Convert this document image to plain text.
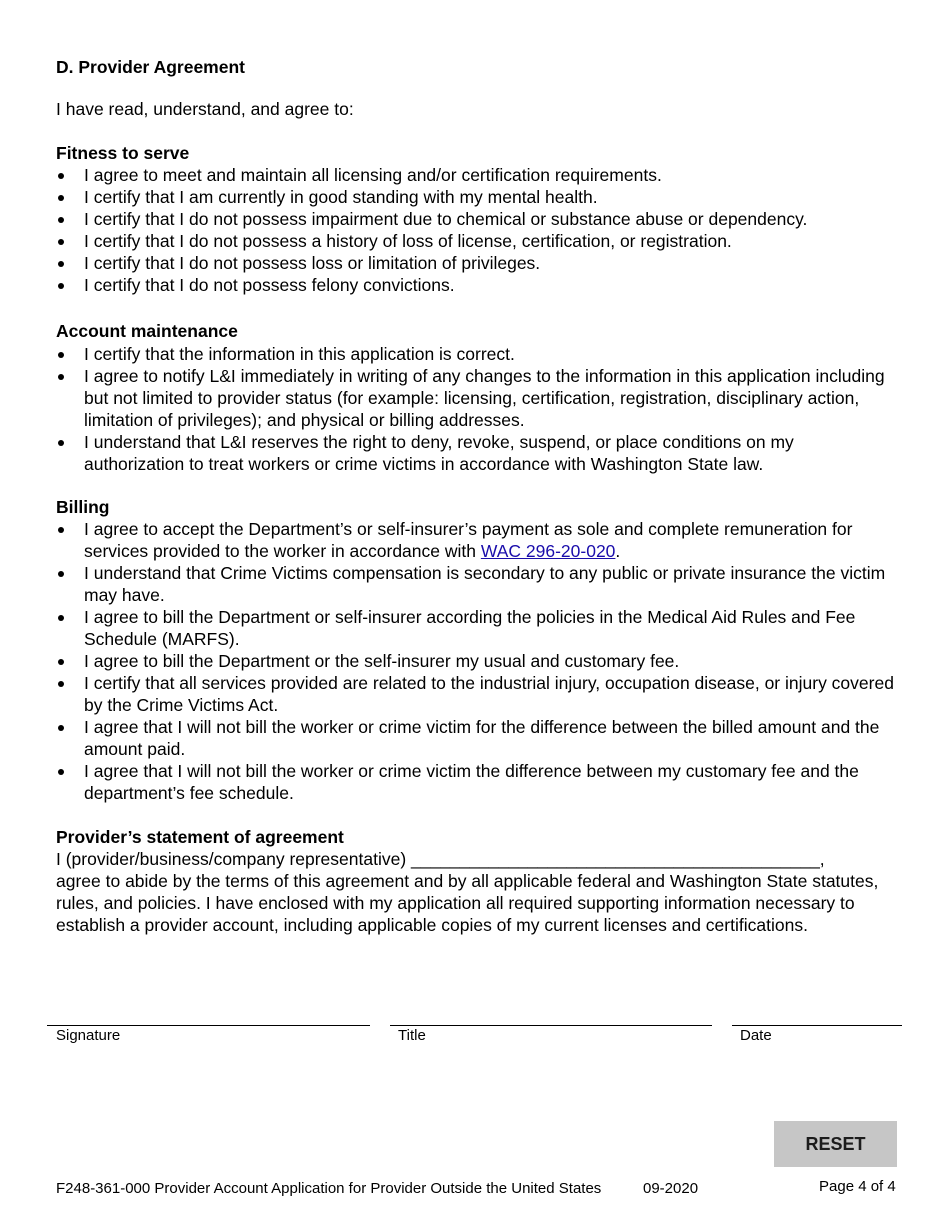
D. Provider Agreement
I have read, understand, and agree to:
Fitness to serve
I agree to meet and maintain all licensing and/or certification requirements.
I certify that I am currently in good standing with my mental health.
I certify that I do not possess impairment due to chemical or substance abuse or dependency.
I certify that I do not possess a history of loss of license, certification, or registration.
I certify that I do not possess loss or limitation of privileges.
I certify that I do not possess felony convictions.
Account maintenance
I certify that the information in this application is correct.
I agree to notify L&I immediately in writing of any changes to the information in this application including but not limited to provider status (for example: licensing, certification, registration, disciplinary action, limitation of privileges); and physical or billing addresses.
I understand that L&I reserves the right to deny, revoke, suspend, or place conditions on my authorization to treat workers or crime victims in accordance with Washington State law.
Billing
I agree to accept the Department’s or self-insurer’s payment as sole and complete remuneration for services provided to the worker in accordance with WAC 296-20-020.
I understand that Crime Victims compensation is secondary to any public or private insurance the victim may have.
I agree to bill the Department or self-insurer according the policies in the Medical Aid Rules and Fee Schedule (MARFS).
I agree to bill the Department or the self-insurer my usual and customary fee.
I certify that all services provided are related to the industrial injury, occupation disease, or injury covered by the Crime Victims Act.
I agree that I will not bill the worker or crime victim for the difference between the billed amount and the amount paid.
I agree that I will not bill the worker or crime victim the difference between my customary fee and the department’s fee schedule.
Provider’s statement of agreement
I (provider/business/company representative) __________________________________________,
agree to abide by the terms of this agreement and by all applicable federal and Washington State statutes, rules, and policies. I have enclosed with my application all required supporting information necessary to establish a provider account, including applicable copies of my current licenses and certifications.
Signature	Title	Date
RESET
F248-361-000 Provider Account Application for Provider Outside the United States	09-2020	Page 4 of 4
